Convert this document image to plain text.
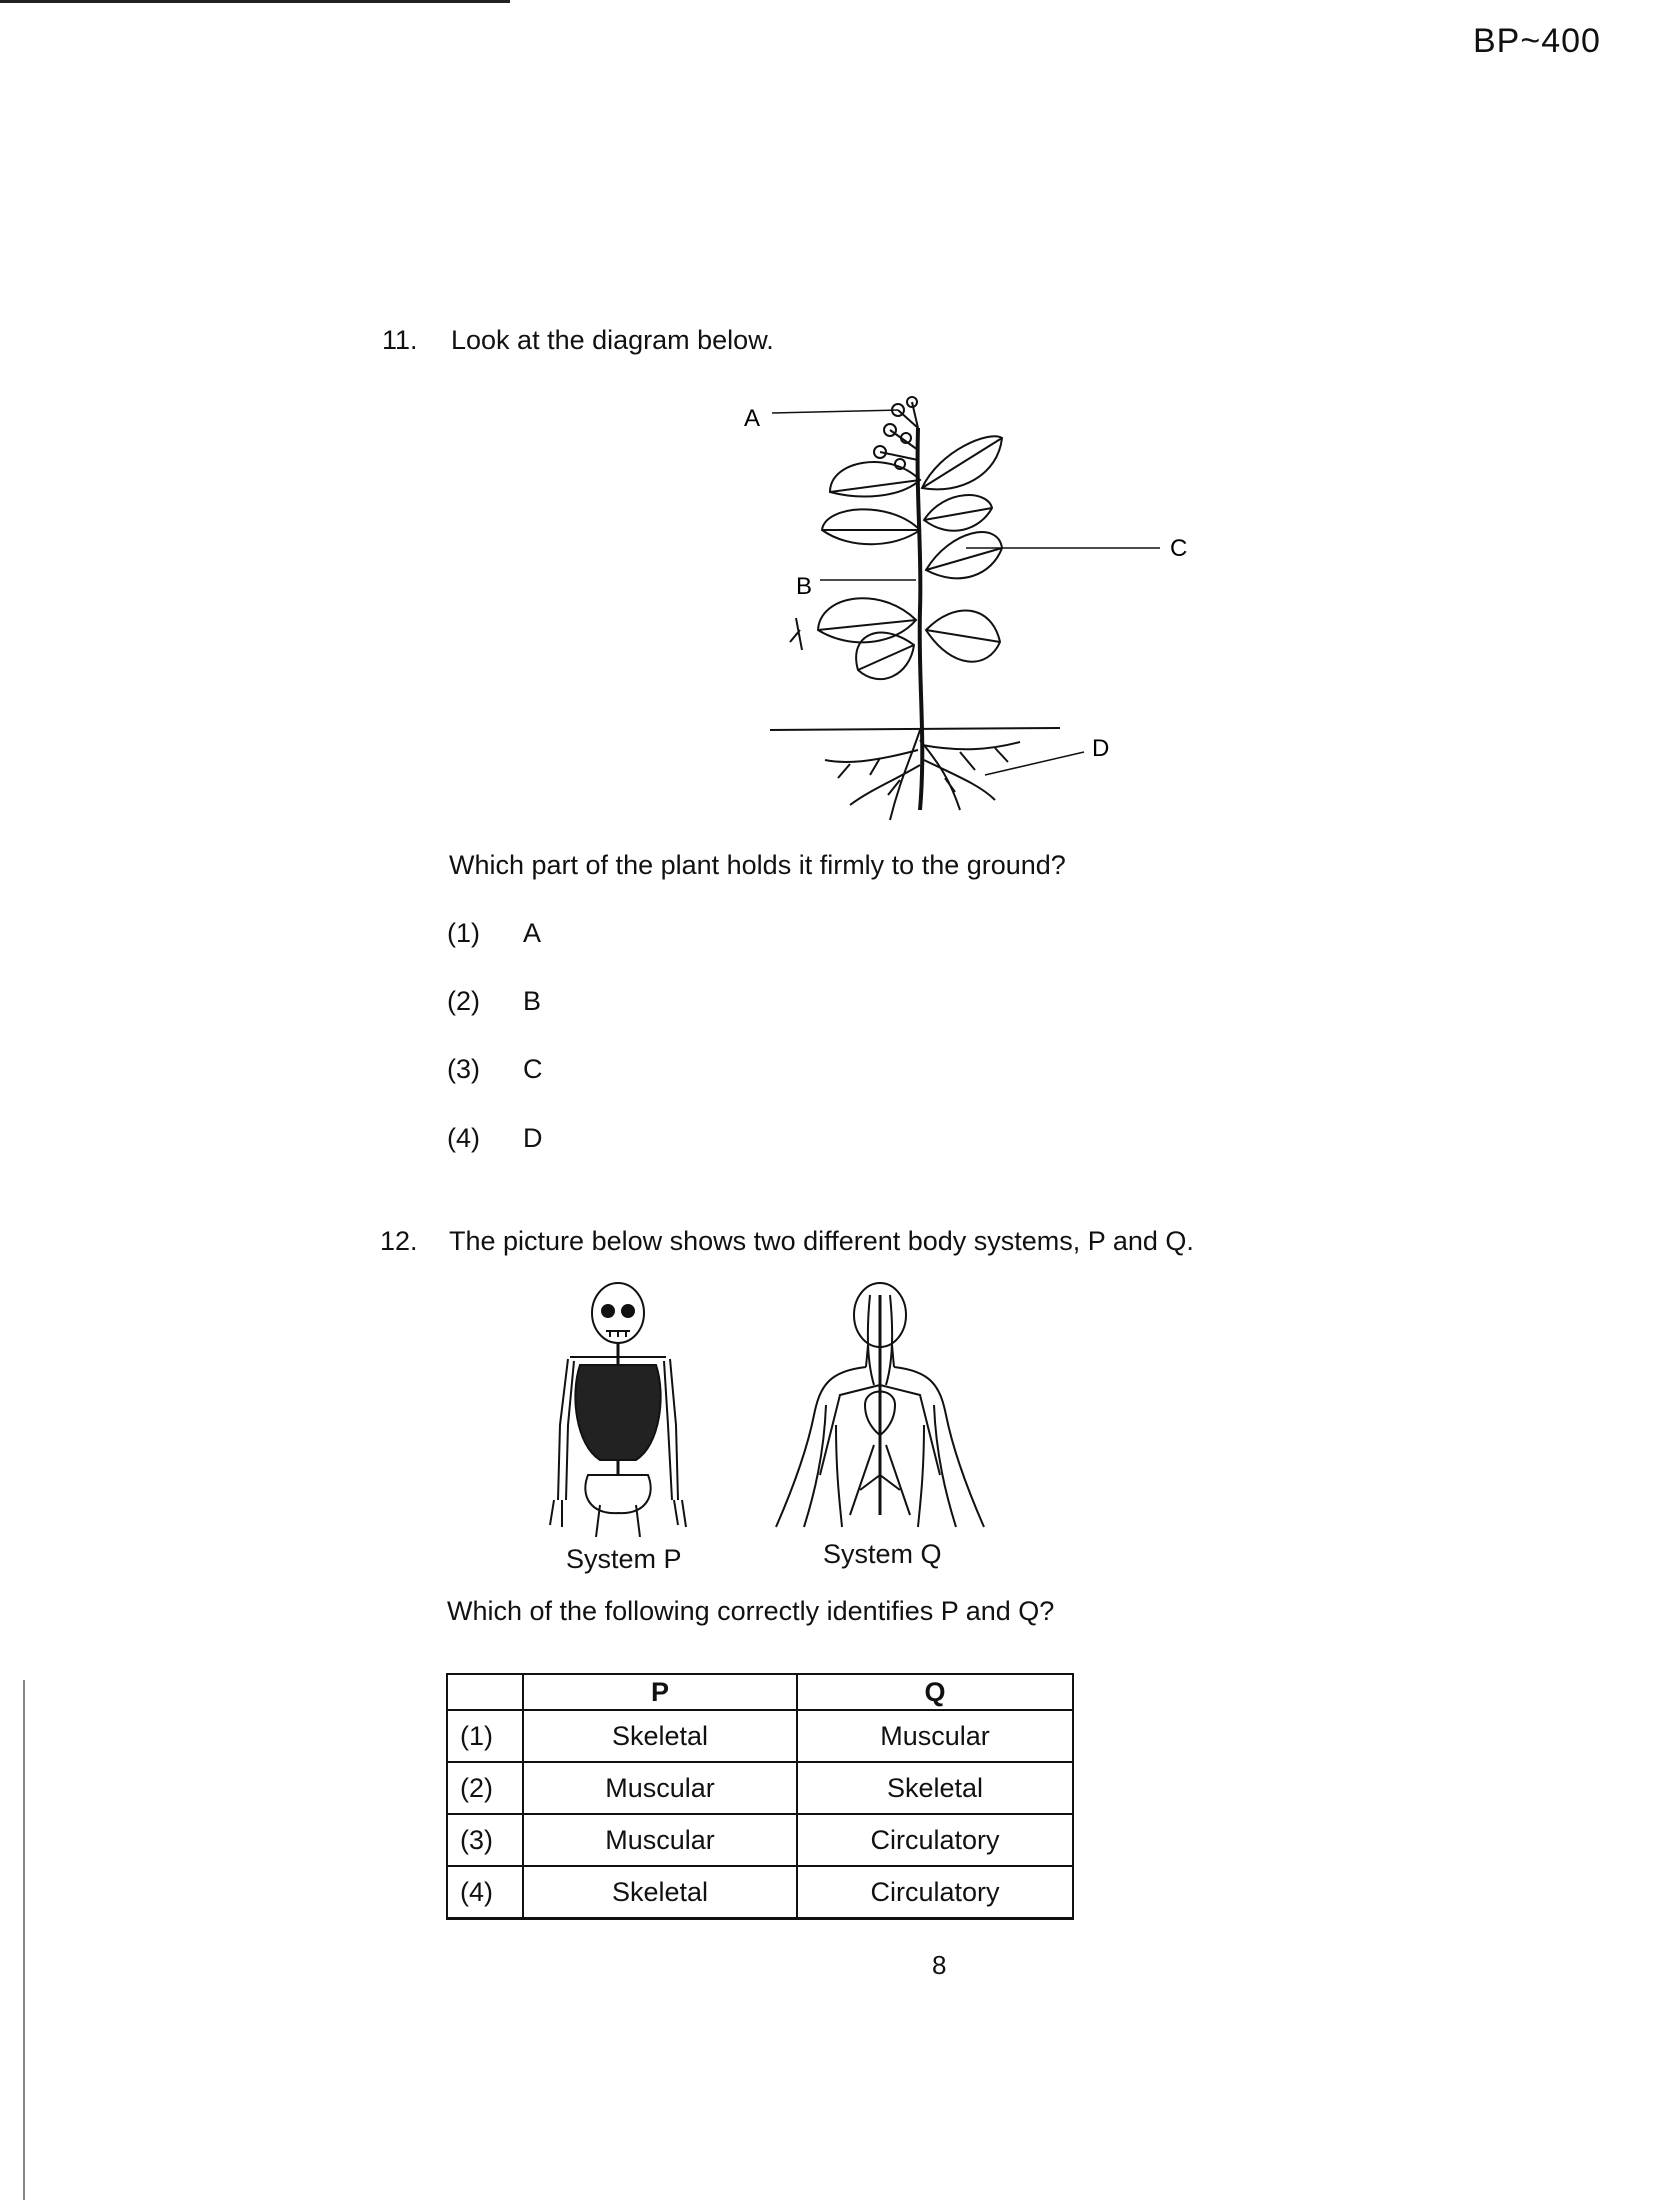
BP~400
11. Look at the diagram below.
A
B
C
D
Which part of the plant holds it firmly to the ground?
(1) A
(2) B
(3) C
(4) D
12. The picture below shows two different body systems, P and Q.
System P	System Q
Which of the following correctly identifies P and Q?
	P	Q
(1)	Skeletal	Muscular
(2)	Muscular	Skeletal
(3)	Muscular	Circulatory
(4)	Skeletal	Circulatory
8
